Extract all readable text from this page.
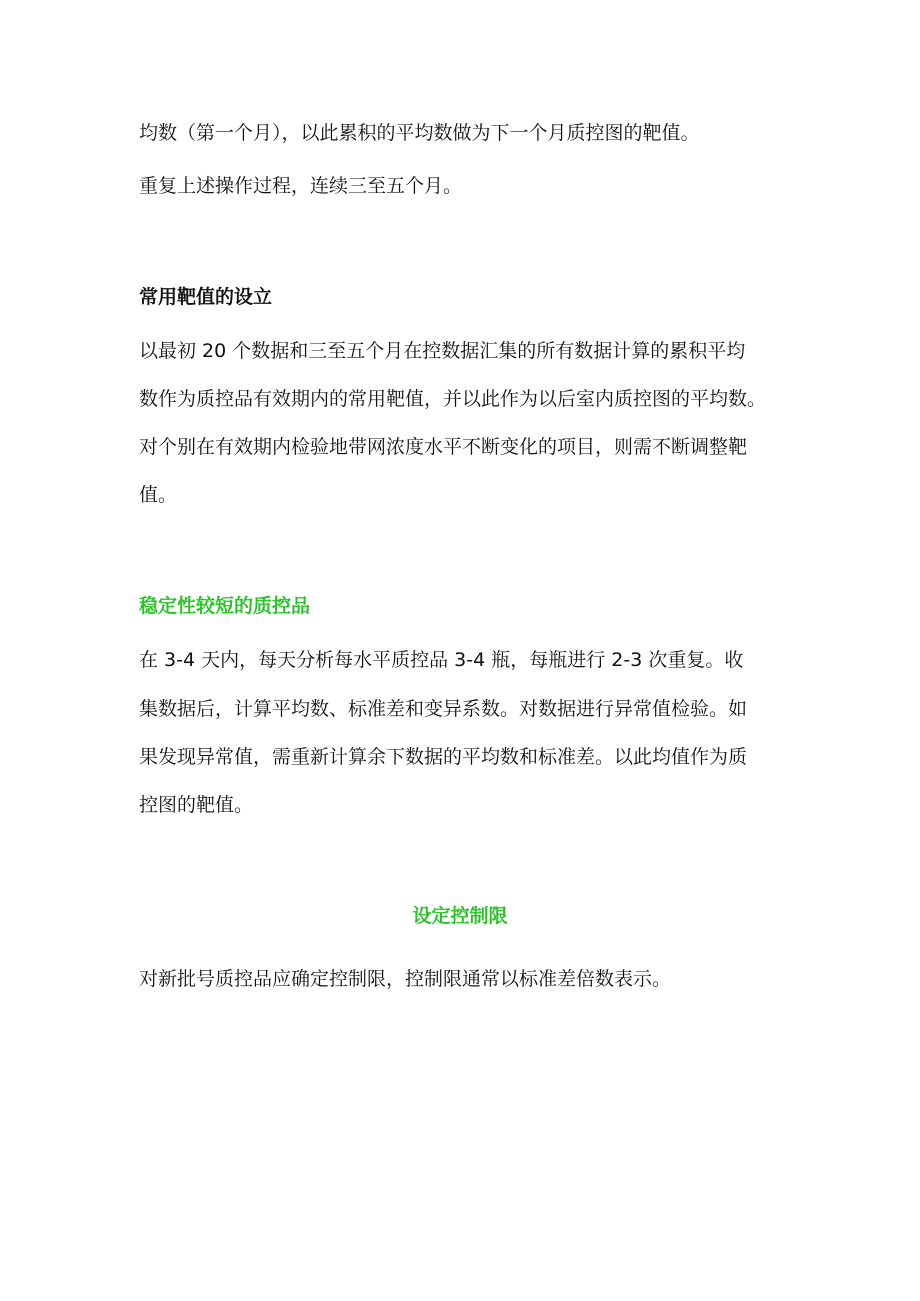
均数（第一个月），以此累积的平均数做为下一个月质控图的靶值。
重复上述操作过程，连续三至五个月。
常用靶值的设立
以最初 20 个数据和三至五个月在控数据汇集的所有数据计算的累积平均
数作为质控品有效期内的常用靶值，并以此作为以后室内质控图的平均数。
对个别在有效期内检验地带网浓度水平不断变化的项目，则需不断调整靶
值。
稳定性较短的质控品
在 3-4 天内，每天分析每水平质控品 3-4 瓶，每瓶进行 2-3 次重复。收
集数据后，计算平均数、标准差和变异系数。对数据进行异常值检验。如
果发现异常值，需重新计算余下数据的平均数和标准差。以此均值作为质
控图的靶值。
设定控制限
对新批号质控品应确定控制限，控制限通常以标准差倍数表示。
